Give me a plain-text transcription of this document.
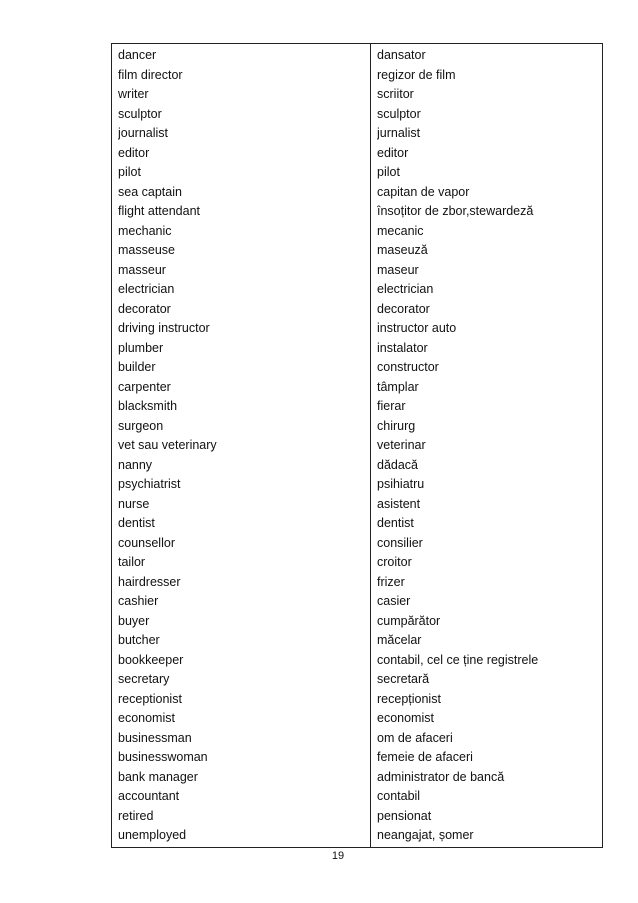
dancer
film director
writer
sculptor
journalist
editor
pilot
sea captain
flight attendant
mechanic
masseuse
masseur
electrician
decorator
driving instructor
plumber
builder
carpenter
blacksmith
surgeon
vet sau veterinary
nanny
psychiatrist
nurse
dentist
counsellor
tailor
hairdresser
cashier
buyer
butcher
bookkeeper
secretary
receptionist
economist
businessman
businesswoman
bank manager
accountant
retired
unemployed
dansator
regizor de film
scriitor
sculptor
jurnalist
editor
pilot
capitan de vapor
însoțitor de zbor,stewardeză
mecanic
maseuză
maseur
electrician
decorator
instructor auto
instalator
constructor
tâmplar
fierar
chirurg
veterinar
dădacă
psihiatru
asistent
dentist
consilier
croitor
frizer
casier
cumpărător
măcelar
contabil, cel ce ține registrele
secretară
recepționist
economist
om de afaceri
femeie de afaceri
administrator de bancă
contabil
pensionat
neangajat, șomer
19
